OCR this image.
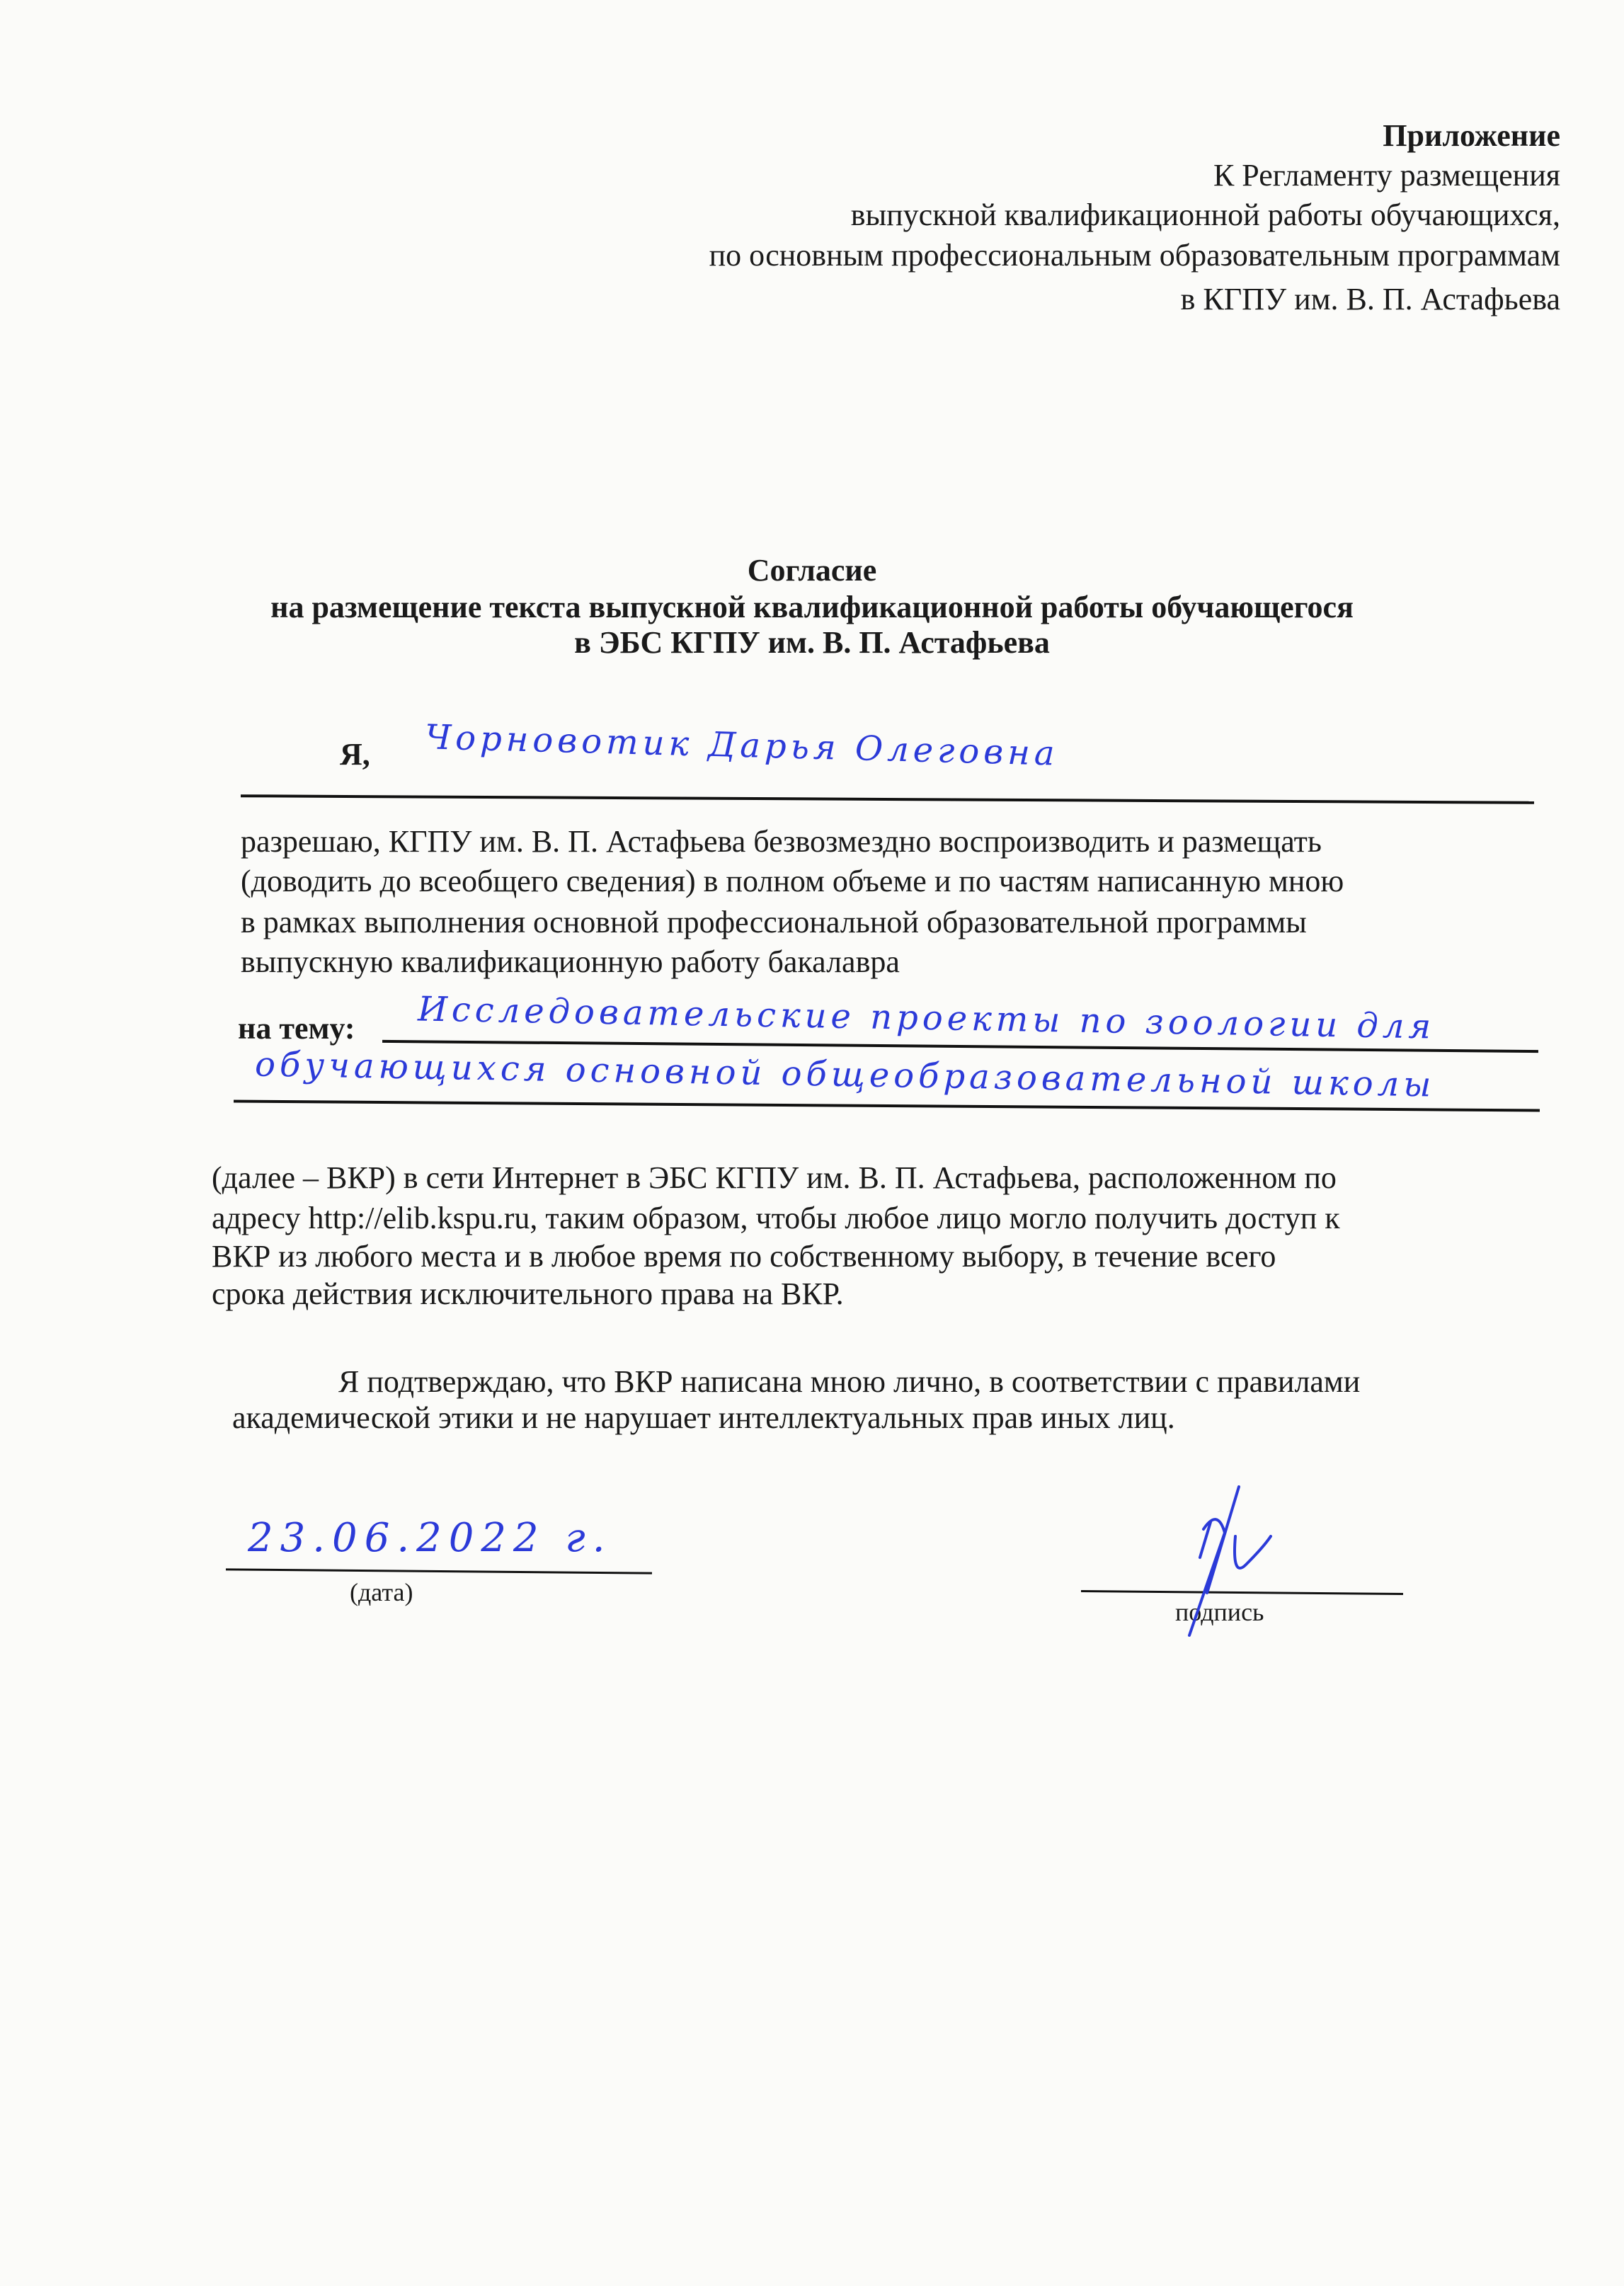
Приложение
К Регламенту размещения
выпускной квалификационной работы обучающихся,
по основным профессиональным образовательным программам
в КГПУ им. В. П. Астафьева
Согласие
на размещение текста выпускной квалификационной работы обучающегося
в ЭБС КГПУ им. В. П. Астафьева
Я, Чорновотик Дарья Олеговна
разрешаю, КГПУ им. В. П. Астафьева безвозмездно воспроизводить и размещать
(доводить до всеобщего сведения) в полном объеме и по частям написанную мною
в рамках выполнения основной профессиональной образовательной программы
выпускную квалификационную работу бакалавра
на тему: Исследовательские проекты по зоологии для
обучающихся основной общеобразовательной школы
(далее – ВКР) в сети Интернет в ЭБС КГПУ им. В. П. Астафьева, расположенном по
адресу http://elib.kspu.ru, таким образом, чтобы любое лицо могло получить доступ к
ВКР из любого места и в любое время по собственному выбору, в течение всего
срока действия исключительного права на ВКР.
Я подтверждаю, что ВКР написана мною лично, в соответствии с правилами
академической этики и не нарушает интеллектуальных прав иных лиц.
23.06.2022 г.
(дата)
подпись
